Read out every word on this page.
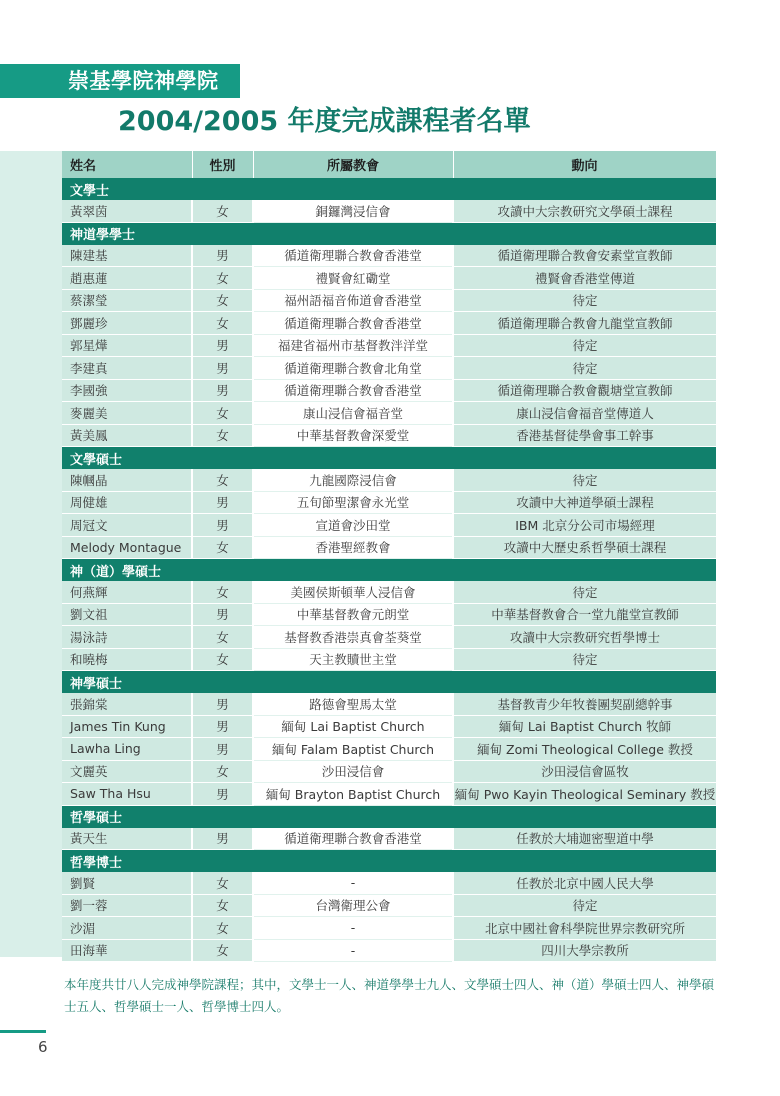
崇基學院神學院
2004/2005 年度完成課程者名單
姓名	性別	所屬教會	動向
文學士			
黃翠茵	女	銅鑼灣浸信會	攻讀中大宗教研究文學碩士課程
神道學學士			
陳建基	男	循道衛理聯合教會香港堂	循道衛理聯合教會安素堂宣教師
趙惠蓮	女	禮賢會紅磡堂	禮賢會香港堂傳道
蔡潔瑩	女	福州語福音佈道會香港堂	待定
鄧麗珍	女	循道衛理聯合教會香港堂	循道衛理聯合教會九龍堂宣教師
郭星燁	男	福建省福州市基督教泮洋堂	待定
李建真	男	循道衛理聯合教會北角堂	待定
李國強	男	循道衛理聯合教會香港堂	循道衛理聯合教會觀塘堂宣教師
麥麗美	女	康山浸信會福音堂	康山浸信會福音堂傳道人
黃美鳳	女	中華基督教會深愛堂	香港基督徒學會事工幹事
文學碩士			
陳幗晶	女	九龍國際浸信會	待定
周健雄	男	五旬節聖潔會永光堂	攻讀中大神道學碩士課程
周冠文	男	宣道會沙田堂	IBM 北京分公司市場經理
Melody Montague	女	香港聖經教會	攻讀中大歷史系哲學碩士課程
神（道）學碩士			
何燕輝	女	美國侯斯頓華人浸信會	待定
劉文祖	男	中華基督教會元朗堂	中華基督教會合一堂九龍堂宣教師
湯泳詩	女	基督教香港崇真會荃葵堂	攻讀中大宗教研究哲學博士
和曉梅	女	天主教贖世主堂	待定
神學碩士			
張錦棠	男	路德會聖馬太堂	基督教青少年牧養團契副總幹事
James Tin Kung	男	緬甸 Lai Baptist Church	緬甸 Lai Baptist Church 牧師
Lawha Ling	男	緬甸 Falam Baptist Church	緬甸 Zomi Theological College 教授
文麗英	女	沙田浸信會	沙田浸信會區牧
Saw Tha Hsu	男	緬甸 Brayton Baptist Church	緬甸 Pwo Kayin Theological Seminary 教授
哲學碩士			
黃天生	男	循道衛理聯合教會香港堂	任教於大埔迦密聖道中學
哲學博士			
劉賢	女	-	任教於北京中國人民大學
劉一蓉	女	台灣衛理公會	待定
沙湄	女	-	北京中國社會科學院世界宗教研究所
田海華	女	-	四川大學宗教所
本年度共廿八人完成神學院課程；其中，文學士一人、神道學學士九人、文學碩士四人、神（道）學碩士四人、神學碩士五人、哲學碩士一人、哲學博士四人。
6
